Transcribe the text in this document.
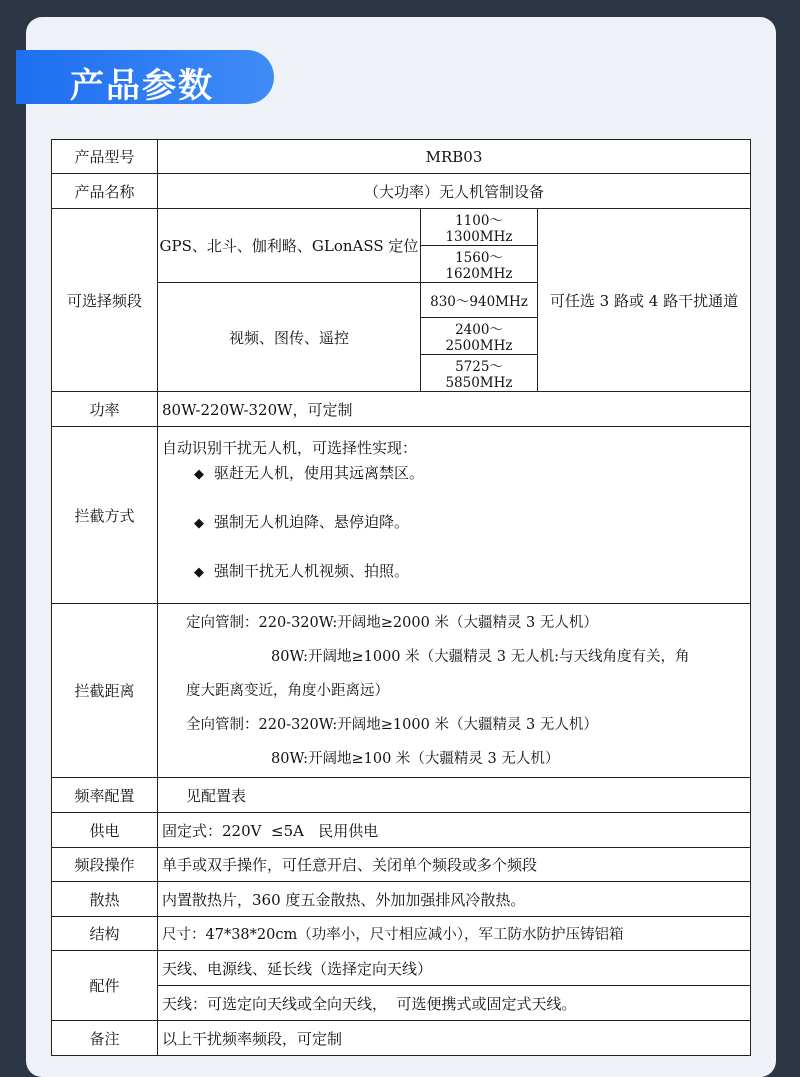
产品参数
产品型号	MRB03		
产品名称	（大功率）无人机管制设备		
可选择频段	GPS、北斗、伽利略、GLonASS 定位	1100～1300MHz	可任选 3 路或 4 路干扰通道
		1560～1620MHz	
	视频、图传、遥控	830～940MHz	
		2400～2500MHz	
		5725～5850MHz	
功率	80W-220W-320W，可定制		
拦截方式	自动识别干扰无人机，可选择性实现：
◆ 驱赶无人机，使用其远离禁区。
◆ 强制无人机迫降、悬停迫降。
◆ 强制干扰无人机视频、拍照。		

拦截距离	定向管制：220-320W:开阔地≥2000 米（大疆精灵 3 无人机）
80W:开阔地≥1000 米（大疆精灵 3 无人机:与天线角度有关，角
度大距离变近，角度小距离远）
全向管制：220-320W:开阔地≥1000 米（大疆精灵 3 无人机）
80W:开阔地≥100 米（大疆精灵 3 无人机）		

频率配置	见配置表		
供电	固定式：220V  ≤5A   民用供电		
频段操作	单手或双手操作，可任意开启、关闭单个频段或多个频段		
散热	内置散热片，360 度五金散热、外加加强排风冷散热。		
结构	尺寸：47*38*20cm（功率小，尺寸相应减小），军工防水防护压铸铝箱		
配件	天线、电源线、延长线（选择定向天线）		
	天线：可选定向天线或全向天线，  可选便携式或固定式天线。		
备注	以上干扰频率频段，可定制		
